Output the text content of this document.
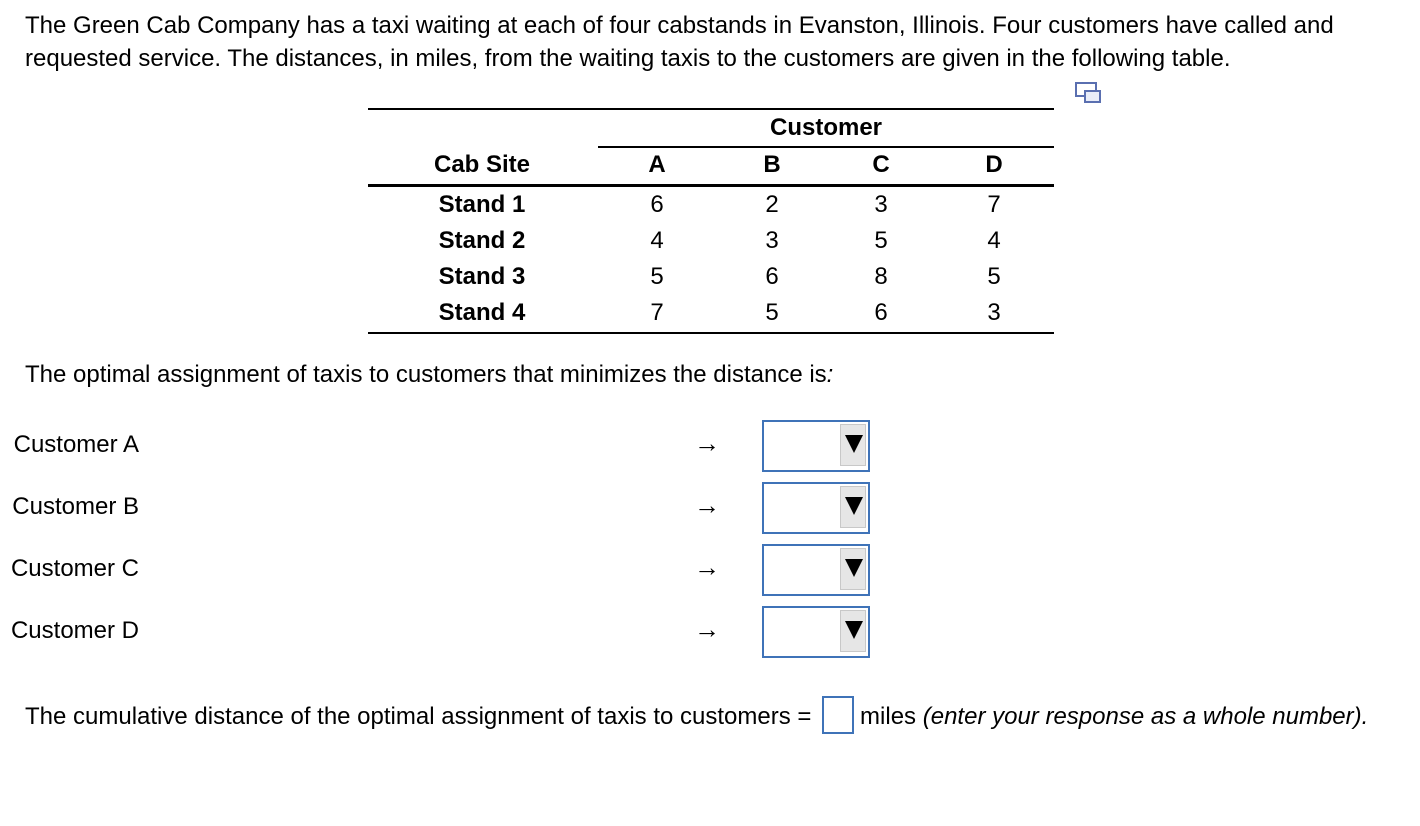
The Green Cab Company has a taxi waiting at each of four cabstands in Evanston, Illinois. Four customers have called and requested service. The distances, in miles, from the waiting taxis to the customers are given in the following table.

Customer
Cab Site	A	B	C	D
Stand 1	6	2	3	7
Stand 2	4	3	5	4
Stand 3	5	6	8	5
Stand 4	7	5	6	3

The optimal assignment of taxis to customers that minimizes the distance is:

Customer A	→
Customer B	→
Customer C	→
Customer D	→

The cumulative distance of the optimal assignment of taxis to customers = miles (enter your response as a whole number).
